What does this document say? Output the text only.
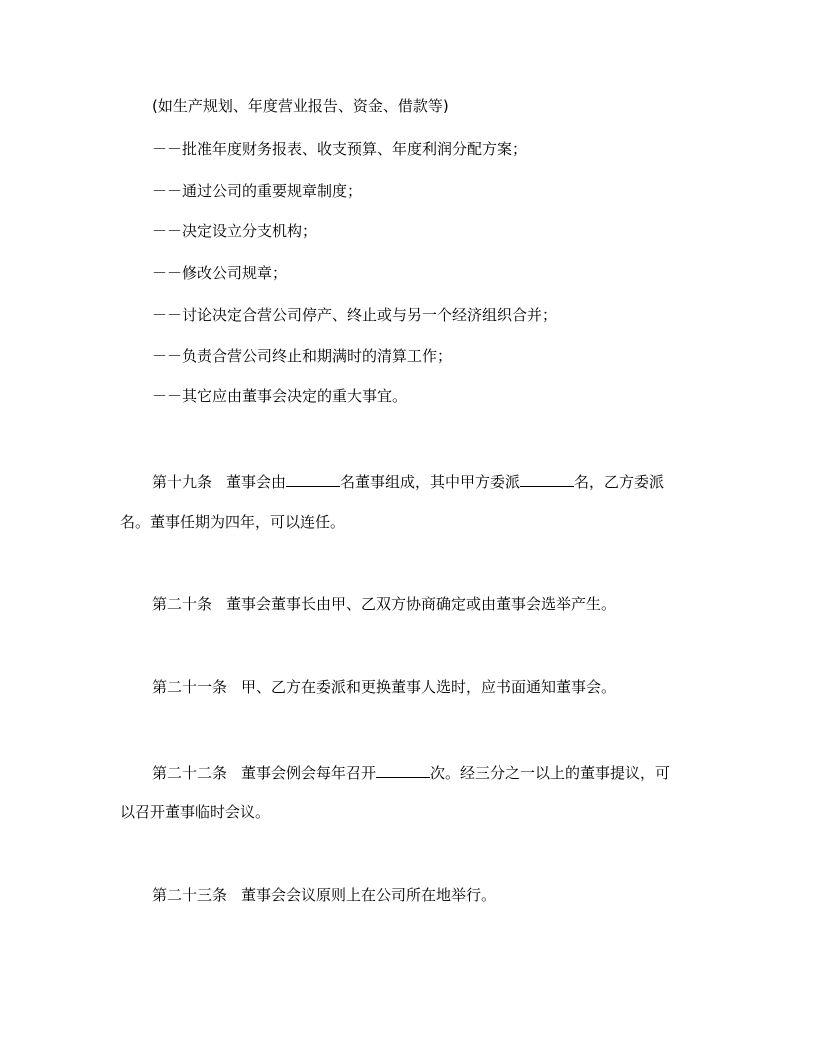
(如生产规划、年度营业报告、资金、借款等)
－－批准年度财务报表、收支预算、年度利润分配方案；
－－通过公司的重要规章制度；
－－决定设立分支机构；
－－修改公司规章；
－－讨论决定合营公司停产、终止或与另一个经济组织合并；
－－负责合营公司终止和期满时的清算工作；
－－其它应由董事会决定的重大事宜。
第十九条 董事会由	名董事组成，其中甲方委派	名，乙方委派
名。董事任期为四年，可以连任。
第二十条 董事会董事长由甲、乙双方协商确定或由董事会选举产生。
第二十一条 甲、乙方在委派和更换董事人选时，应书面通知董事会。
第二十二条 董事会例会每年召开	次。经三分之一以上的董事提议，可
以召开董事临时会议。
第二十三条 董事会会议原则上在公司所在地举行。
